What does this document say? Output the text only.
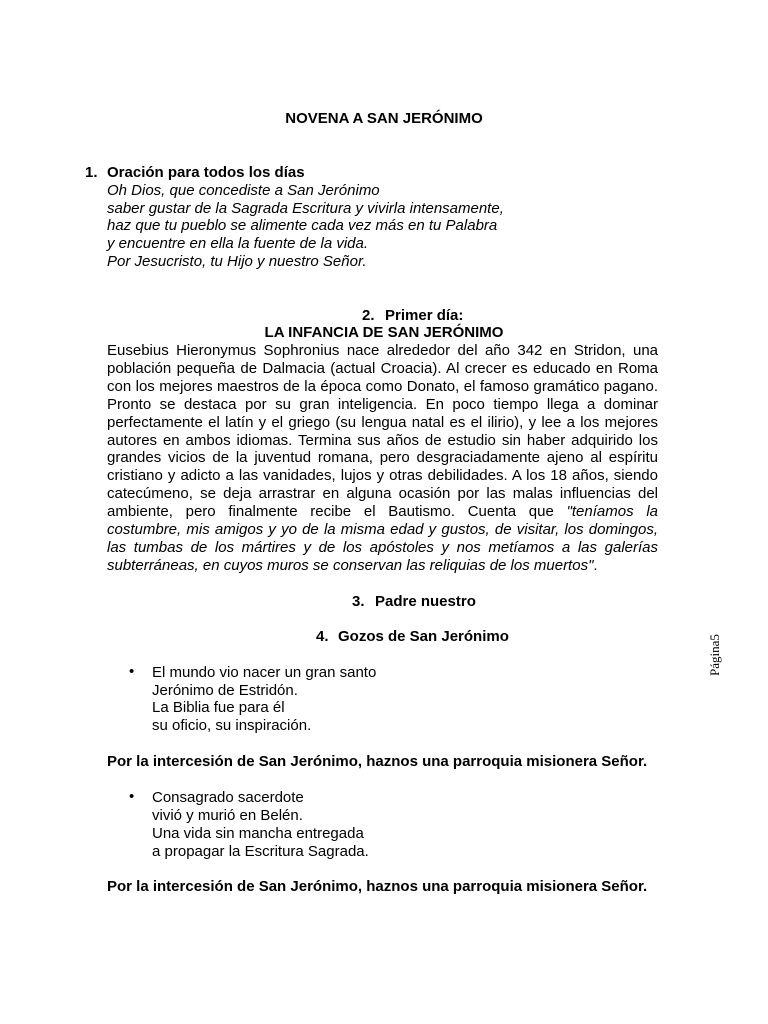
NOVENA A SAN JERÓNIMO
1. Oración para todos los días
Oh Dios, que concediste a San Jerónimo
saber gustar de la Sagrada Escritura y vivirla intensamente,
haz que tu pueblo se alimente cada vez más en tu Palabra
y encuentre en ella la fuente de la vida.
Por Jesucristo, tu Hijo y nuestro Señor.
2. Primer día:
LA INFANCIA DE SAN JERÓNIMO
Eusebius Hieronymus Sophronius nace alrededor del año 342 en Stridon, una población pequeña de Dalmacia (actual Croacia). Al crecer es educado en Roma con los mejores maestros de la época como Donato, el famoso gramático pagano. Pronto se destaca por su gran inteligencia. En poco tiempo llega a dominar perfectamente el latín y el griego (su lengua natal es el ilirio), y lee a los mejores autores en ambos idiomas. Termina sus años de estudio sin haber adquirido los grandes vicios de la juventud romana, pero desgraciadamente ajeno al espíritu cristiano y adicto a las vanidades, lujos y otras debilidades. A los 18 años, siendo catecúmeno, se deja arrastrar en alguna ocasión por las malas influencias del ambiente, pero finalmente recibe el Bautismo. Cuenta que "teníamos la costumbre, mis amigos y yo de la misma edad y gustos, de visitar, los domingos, las tumbas de los mártires y de los apóstoles y nos metíamos a las galerías subterráneas, en cuyos muros se conservan las reliquias de los muertos".
3. Padre nuestro
4. Gozos de San Jerónimo
• El mundo vio nacer un gran santo
Jerónimo de Estridón.
La Biblia fue para él
su oficio, su inspiración.
Por la intercesión de San Jerónimo, haznos una parroquia misionera Señor.
• Consagrado sacerdote
vivió y murió en Belén.
Una vida sin mancha entregada
a propagar la Escritura Sagrada.
Por la intercesión de San Jerónimo, haznos una parroquia misionera Señor.
Página5
